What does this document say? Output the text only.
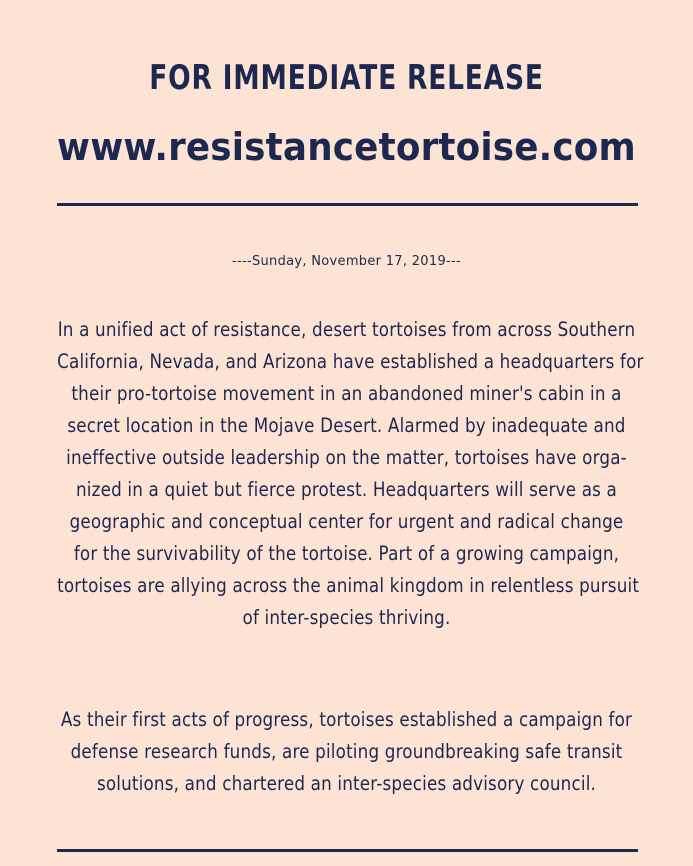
FOR IMMEDIATE RELEASE
www.resistancetortoise.com
----Sunday, November 17, 2019---
In a unified act of resistance, desert tortoises from across Southern
California, Nevada, and Arizona have established a headquarters for
their pro-tortoise movement in an abandoned miner's cabin in a
secret location in the Mojave Desert. Alarmed by inadequate and
ineffective outside leadership on the matter, tortoises have orga-
nized in a quiet but fierce protest. Headquarters will serve as a
geographic and conceptual center for urgent and radical change
for the survivability of the tortoise. Part of a growing campaign,
tortoises are allying across the animal kingdom in relentless pursuit
of inter-species thriving.
As their first acts of progress, tortoises established a campaign for
defense research funds, are piloting groundbreaking safe transit
solutions, and chartered an inter-species advisory council.
